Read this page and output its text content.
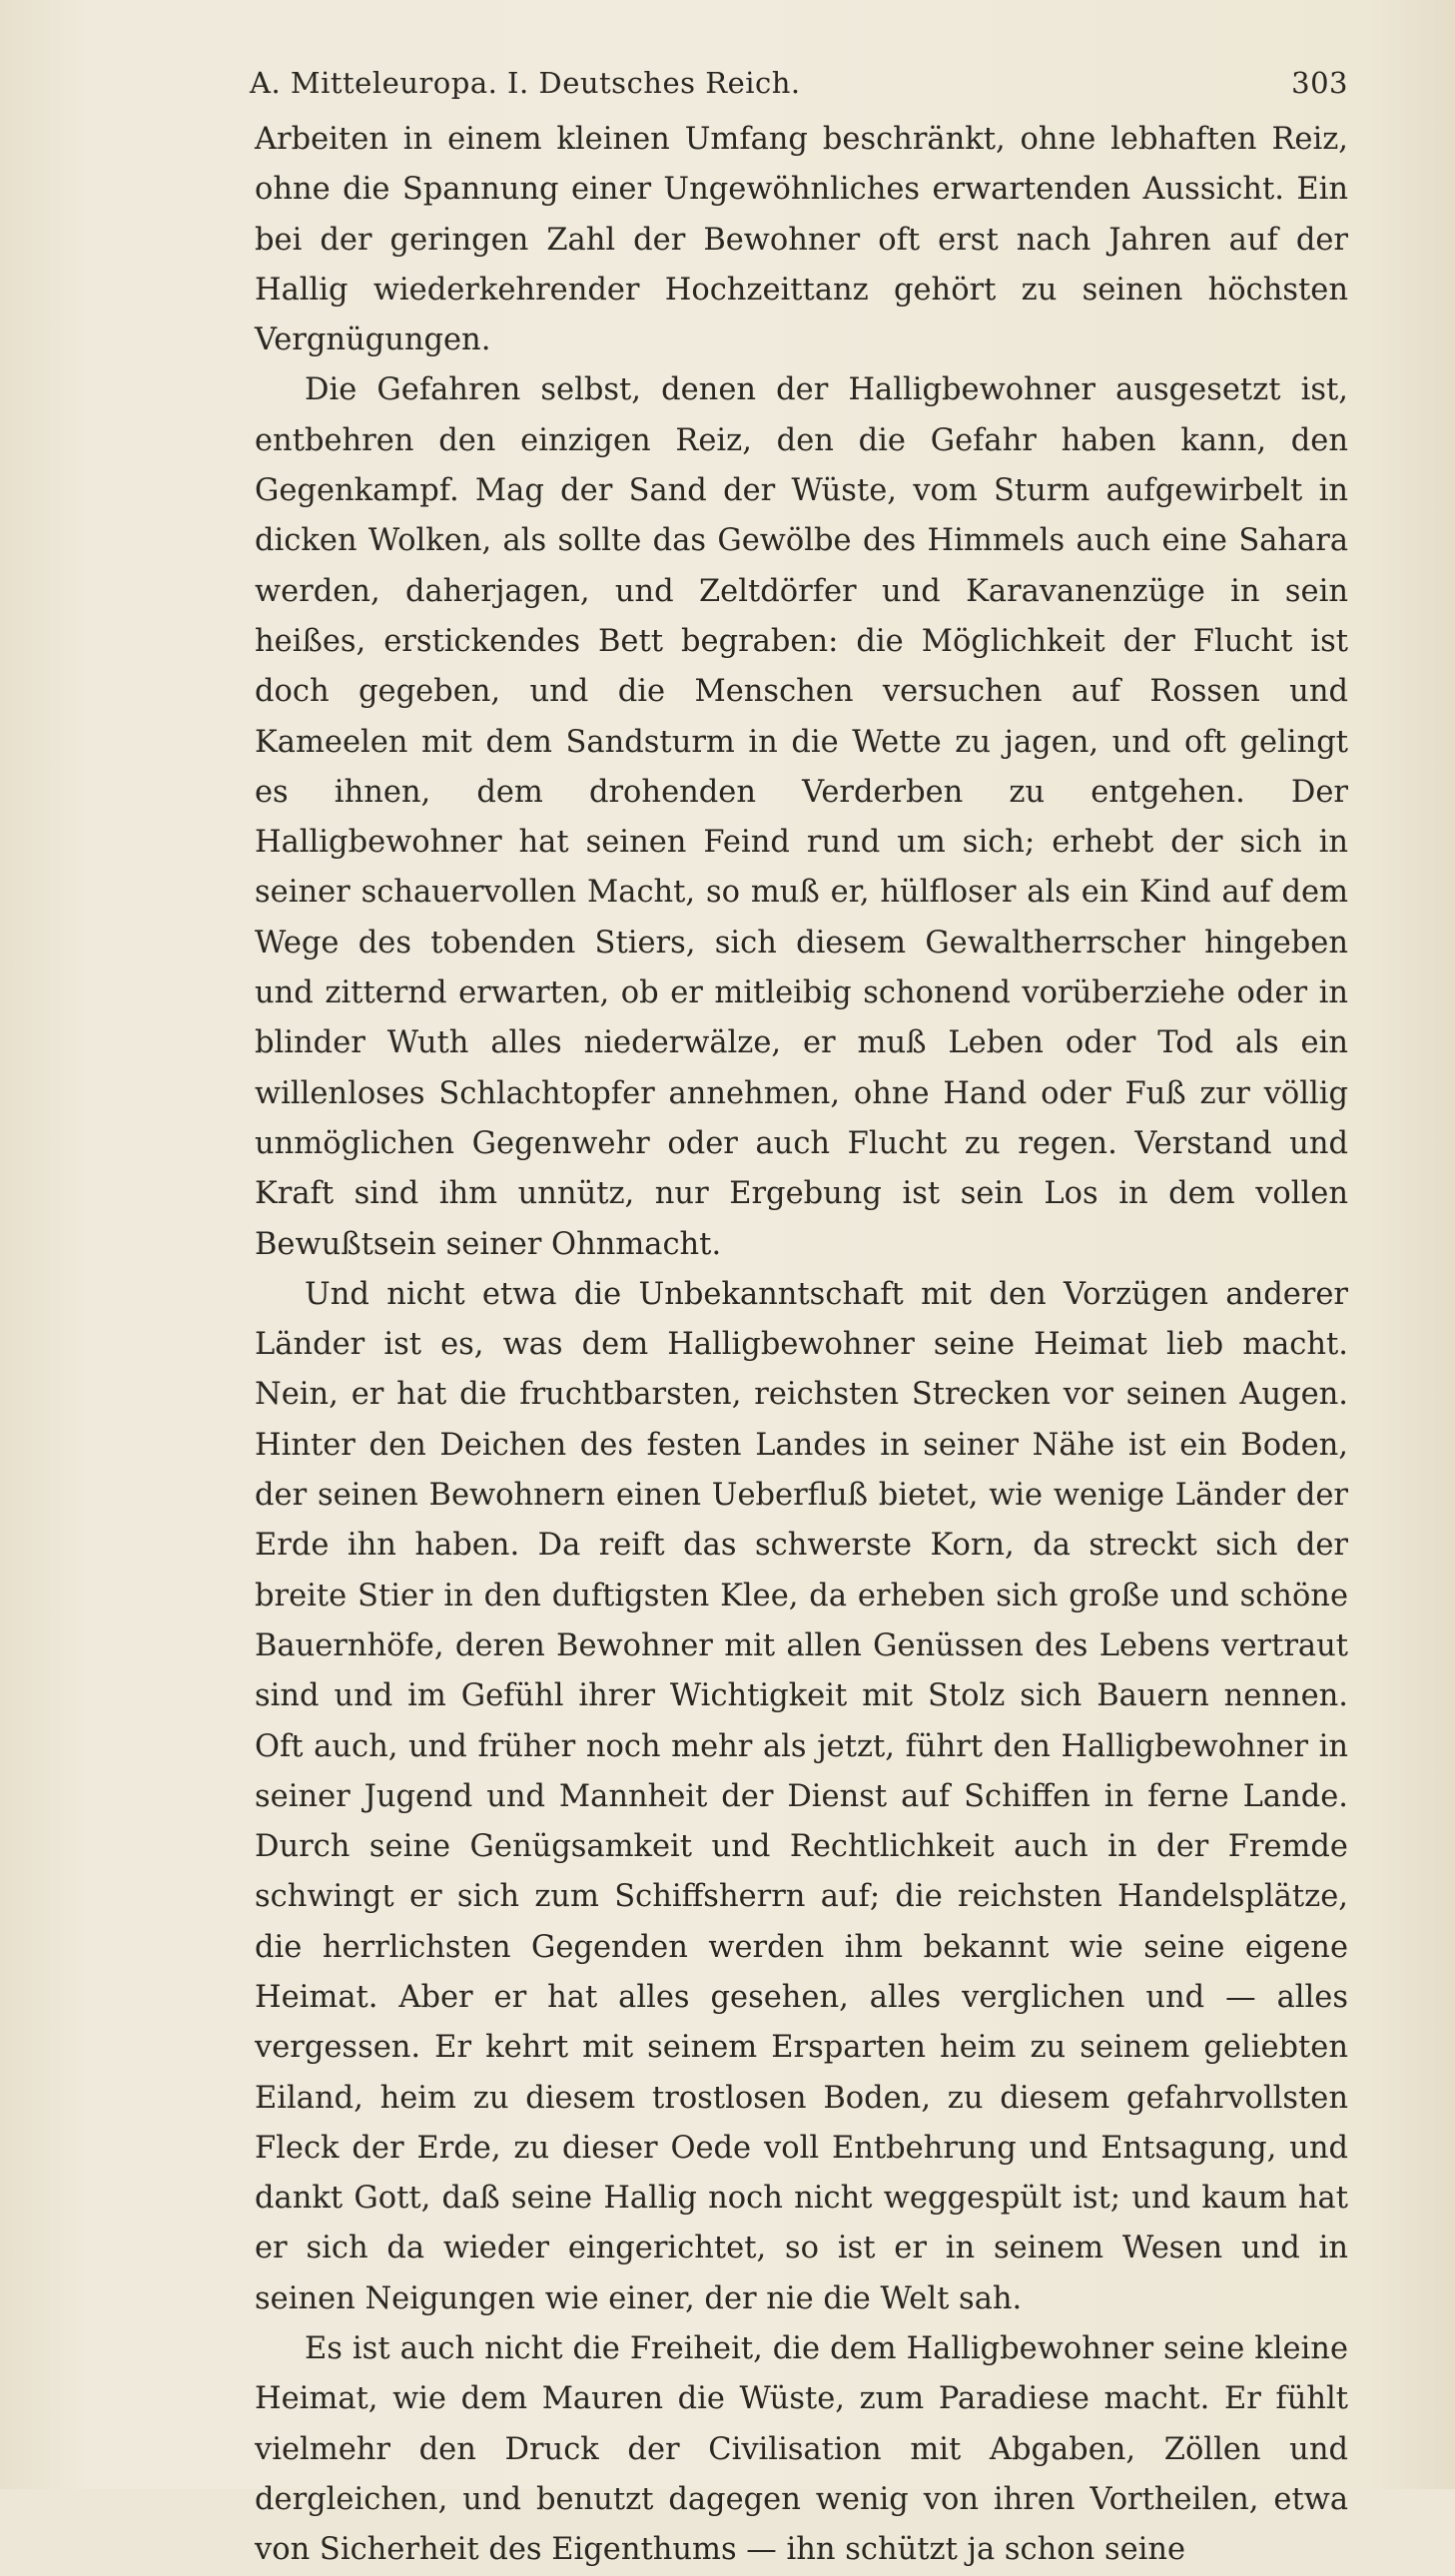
A. Mitteleuropa. I. Deutsches Reich.	303

Arbeiten in einem kleinen Umfang beschränkt, ohne lebhaften Reiz, ohne die Spannung einer Ungewöhnliches erwartenden Aussicht. Ein bei der geringen Zahl der Bewohner oft erst nach Jahren auf der Hallig wiederkehrender Hochzeittanz gehört zu seinen höchsten Vergnügungen.

Die Gefahren selbst, denen der Halligbewohner ausgesetzt ist, entbehren den einzigen Reiz, den die Gefahr haben kann, den Gegenkampf. Mag der Sand der Wüste, vom Sturm aufgewirbelt in dicken Wolken, als sollte das Gewölbe des Himmels auch eine Sahara werden, daherjagen, und Zeltdörfer und Karavanenzüge in sein heißes, erstickendes Bett begraben: die Möglichkeit der Flucht ist doch gegeben, und die Menschen versuchen auf Rossen und Kameelen mit dem Sandsturm in die Wette zu jagen, und oft gelingt es ihnen, dem drohenden Verderben zu entgehen. Der Halligbewohner hat seinen Feind rund um sich; erhebt der sich in seiner schauervollen Macht, so muß er, hülfloser als ein Kind auf dem Wege des tobenden Stiers, sich diesem Gewaltherrscher hingeben und zitternd erwarten, ob er mitleibig schonend vorüberziehe oder in blinder Wuth alles niederwälze, er muß Leben oder Tod als ein willenloses Schlachtopfer annehmen, ohne Hand oder Fuß zur völlig unmöglichen Gegenwehr oder auch Flucht zu regen. Verstand und Kraft sind ihm unnütz, nur Ergebung ist sein Los in dem vollen Bewußtsein seiner Ohnmacht.

Und nicht etwa die Unbekanntschaft mit den Vorzügen anderer Länder ist es, was dem Halligbewohner seine Heimat lieb macht. Nein, er hat die fruchtbarsten, reichsten Strecken vor seinen Augen. Hinter den Deichen des festen Landes in seiner Nähe ist ein Boden, der seinen Bewohnern einen Ueberfluß bietet, wie wenige Länder der Erde ihn haben. Da reift das schwerste Korn, da streckt sich der breite Stier in den duftigsten Klee, da erheben sich große und schöne Bauernhöfe, deren Bewohner mit allen Genüssen des Lebens vertraut sind und im Gefühl ihrer Wichtigkeit mit Stolz sich Bauern nennen. Oft auch, und früher noch mehr als jetzt, führt den Halligbewohner in seiner Jugend und Mannheit der Dienst auf Schiffen in ferne Lande. Durch seine Genügsamkeit und Rechtlichkeit auch in der Fremde schwingt er sich zum Schiffsherrn auf; die reichsten Handelsplätze, die herrlichsten Gegenden werden ihm bekannt wie seine eigene Heimat. Aber er hat alles gesehen, alles verglichen und — alles vergessen. Er kehrt mit seinem Ersparten heim zu seinem geliebten Eiland, heim zu diesem trostlosen Boden, zu diesem gefahrvollsten Fleck der Erde, zu dieser Oede voll Entbehrung und Entsagung, und dankt Gott, daß seine Hallig noch nicht weggespült ist; und kaum hat er sich da wieder eingerichtet, so ist er in seinem Wesen und in seinen Neigungen wie einer, der nie die Welt sah.

Es ist auch nicht die Freiheit, die dem Halligbewohner seine kleine Heimat, wie dem Mauren die Wüste, zum Paradiese macht. Er fühlt vielmehr den Druck der Civilisation mit Abgaben, Zöllen und dergleichen, und benutzt dagegen wenig von ihren Vortheilen, etwa von Sicherheit des Eigenthums — ihn schützt ja schon seine
